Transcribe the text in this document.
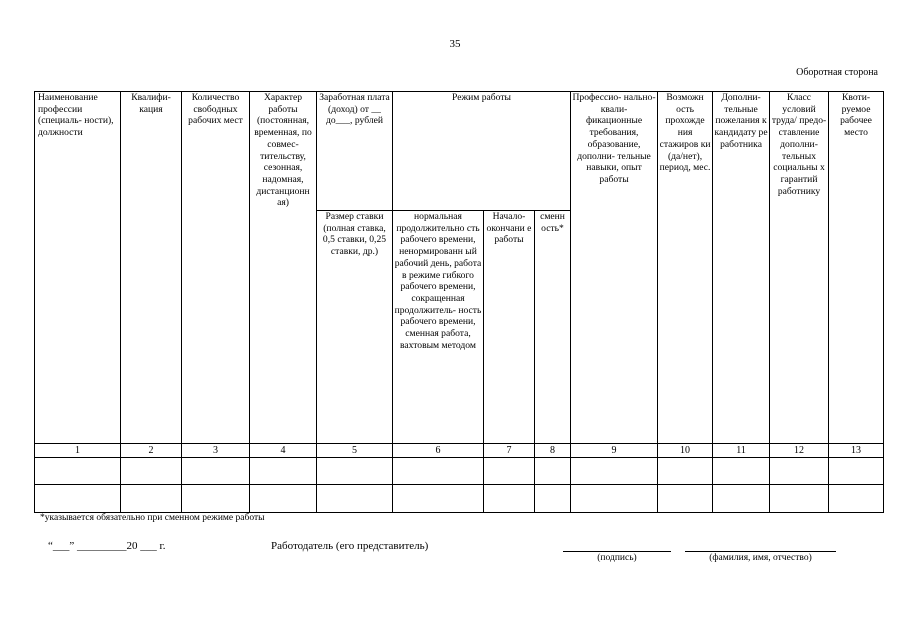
35
Оборотная сторона
Наименование профессии (специаль- ности), должности	Квалифи- кация	Количество свободных рабочих мест	Характер работы (постоянная, временная, по совмес- тительству, сезонная, надомная, дистанционн ая)	Заработная плата (доход) от __ до___, рублей	Режим работы			Профессио- нально-квали- фикационные требования, образование, дополни- тельные навыки, опыт работы	Возможн ость прохожде ния стажиров ки (да/нет), период, мес.	Дополни- тельные пожелания к кандидату ре работника	Класс условий труда/ предо- ставление дополни- тельных социальны х гарантий работнику	Квоти- руемое рабочее место
				Размер ставки (полная ставка, 0,5 ставки, 0,25 ставки, др.)	нормальная продолжительно сть рабочего времени, ненормированн ый рабочий день, работа в режиме гибкого рабочего времени, сокращенная продолжитель- ность рабочего времени, сменная работа, вахтовым методом	Начало- окончани е работы	сменн ость*					
1	2	3	4	5	6	7	8	9	10	11	12	13

*указывается обязательно при сменном режиме работы
“___” _________20 ___ г.	Работодатель (его представитель)
(подпись)	(фамилия, имя, отчество)
